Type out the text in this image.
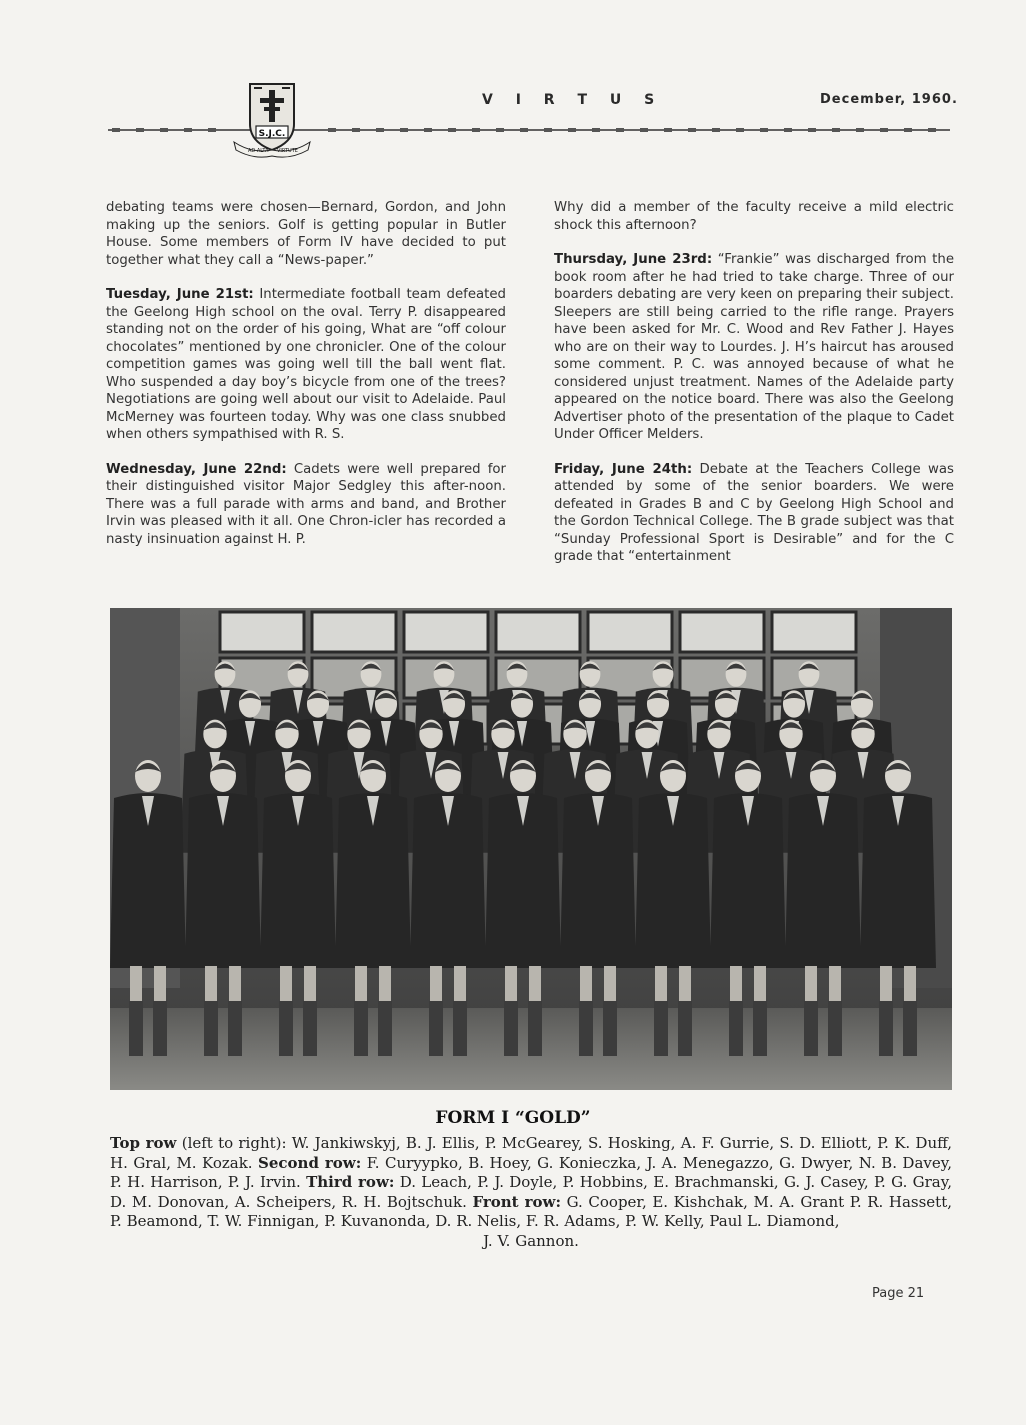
S.J.C.
AD ALTA VIRTUTE
V I R T U S	December, 1960.

debating teams were chosen—Bernard, Gordon, and John making up the seniors. Golf is getting popular in Butler House. Some members of Form IV have decided to put together what they call a “News-paper.”

Tuesday, June 21st: Intermediate football team defeated the Geelong High school on the oval. Terry P. disappeared standing not on the order of his going, What are “off colour chocolates” mentioned by one chronicler. One of the colour competition games was going well till the ball went flat. Who suspended a day boy’s bicycle from one of the trees? Negotiations are going well about our visit to Adelaide. Paul McMerney was fourteen today. Why was one class snubbed when others sympathised with R. S.

Wednesday, June 22nd: Cadets were well prepared for their distinguished visitor Major Sedgley this after-noon. There was a full parade with arms and band, and Brother Irvin was pleased with it all. One Chron-icler has recorded a nasty insinuation against H. P.

Why did a member of the faculty receive a mild electric shock this afternoon?

Thursday, June 23rd: “Frankie” was discharged from the book room after he had tried to take charge. Three of our boarders debating are very keen on preparing their subject. Sleepers are still being carried to the rifle range. Prayers have been asked for Mr. C. Wood and Rev Father J. Hayes who are on their way to Lourdes. J. H’s haircut has aroused some comment. P. C. was annoyed because of what he considered unjust treatment. Names of the Adelaide party appeared on the notice board. There was also the Geelong Advertiser photo of the presentation of the plaque to Cadet Under Officer Melders.

Friday, June 24th: Debate at the Teachers College was attended by some of the senior boarders. We were defeated in Grades B and C by Geelong High School and the Gordon Technical College. The B grade subject was that “Sunday Professional Sport is Desirable” and for the C grade that “entertainment

FORM I “GOLD”
Top row (left to right): W. Jankiwskyj, B. J. Ellis, P. McGearey, S. Hosking, A. F. Gurrie, S. D. Elliott, P. K. Duff, H. Gral, M. Kozak. Second row: F. Curyypko, B. Hoey, G. Konieczka, J. A. Menegazzo, G. Dwyer, N. B. Davey, P. H. Harrison, P. J. Irvin. Third row: D. Leach, P. J. Doyle, P. Hobbins, E. Brachmanski, G. J. Casey, P. G. Gray, D. M. Donovan, A. Scheipers, R. H. Bojtschuk. Front row: G. Cooper, E. Kishchak, M. A. Grant P. R. Hassett, P. Beamond, T. W. Finnigan, P. Kuvanonda, D. R. Nelis, F. R. Adams, P. W. Kelly, Paul L. Diamond,
J. V. Gannon.
Page 21
